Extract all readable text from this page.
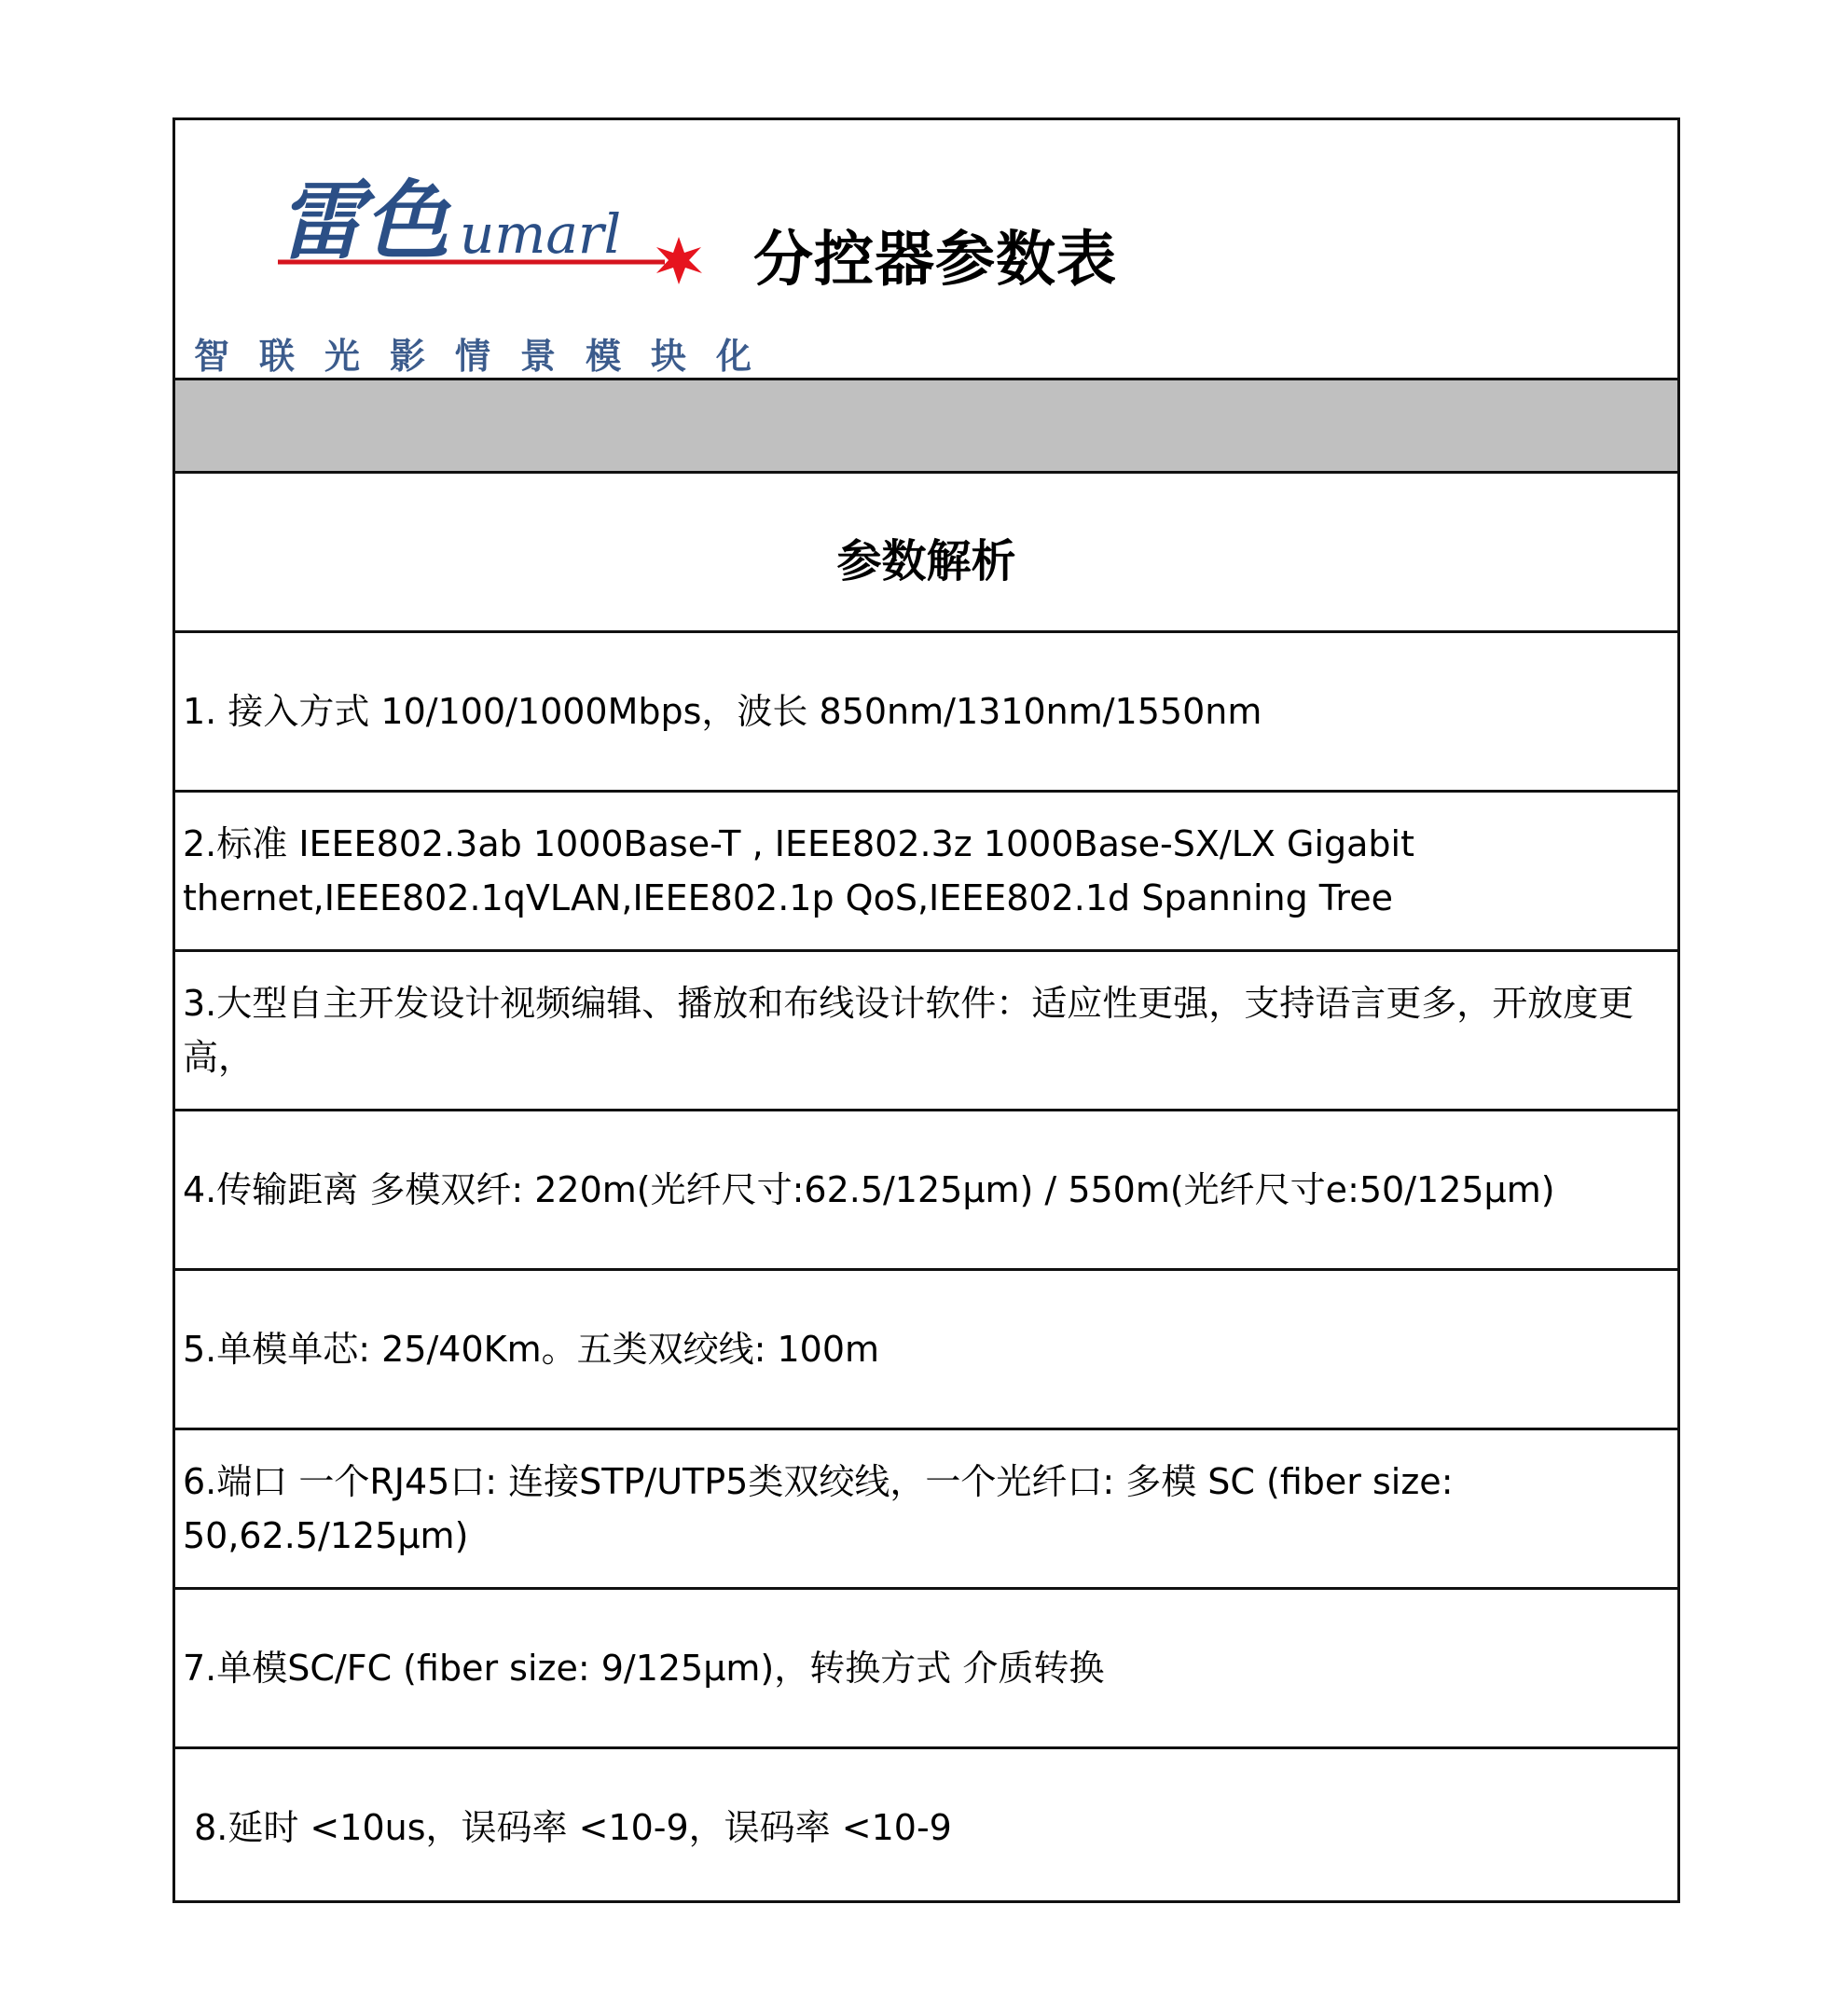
雷色 umarl
智联光影情景模块化
分控器参数表
参数解析
1. 接入方式 10/100/1000Mbps，波长 850nm/1310nm/1550nm
2.标准 IEEE802.3ab 1000Base-T , IEEE802.3z 1000Base-SX/LX Gigabit thernet,IEEE802.1qVLAN,IEEE802.1p QoS,IEEE802.1d Spanning Tree
3.大型自主开发设计视频编辑、播放和布线设计软件：适应性更强，支持语言更多，开放度更高，
4.传输距离 多模双纤: 220m(光纤尺寸:62.5/125μm) / 550m(光纤尺寸e:50/125μm)
5.单模单芯: 25/40Km。五类双绞线: 100m
6.端口 一个RJ45口: 连接STP/UTP5类双绞线，一个光纤口: 多模 SC (fiber size: 50,62.5/125μm)
7.单模SC/FC (fiber size: 9/125μm)，转换方式 介质转换
8.延时 <10us，误码率 <10-9，误码率 <10-9
